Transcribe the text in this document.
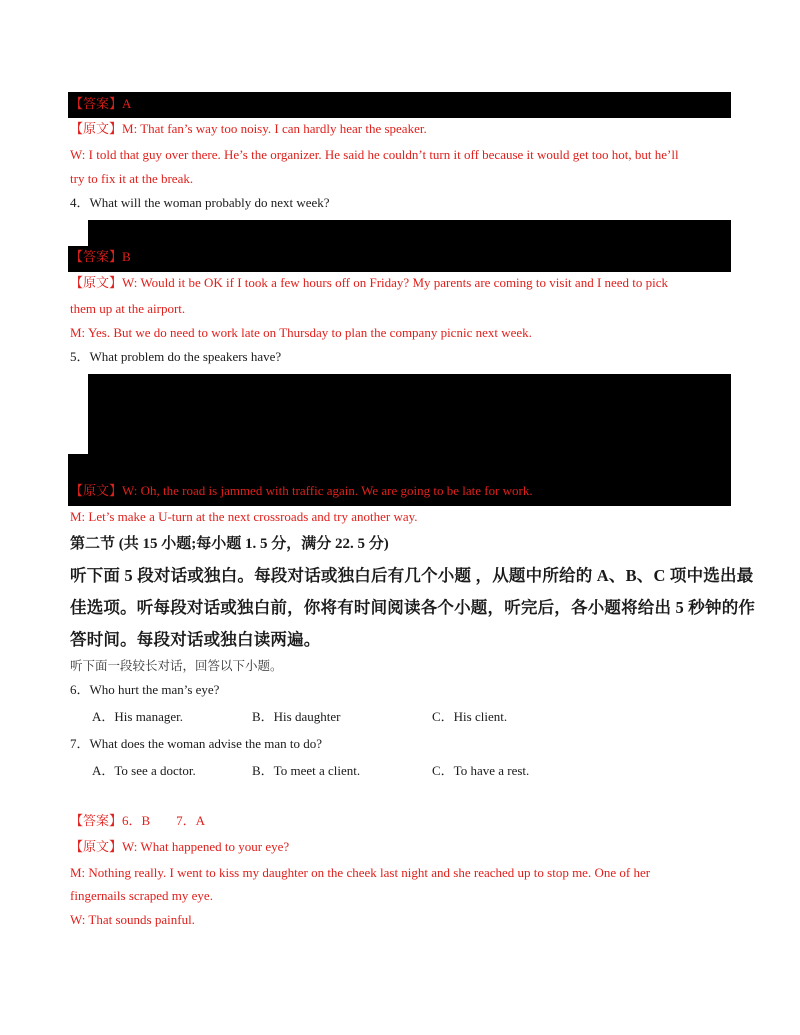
【答案】A
【原文】M: That fan’s way too noisy. I can hardly hear the speaker.
W: I told that guy over there. He’s the organizer. He said he couldn’t turn it off because it would get too hot, but he’ll
try to fix it at the break.
4．What will the woman probably do next week?
【答案】B
【原文】W: Would it be OK if I took a few hours off on Friday? My parents are coming to visit and I need to pick
them up at the airport.
M: Yes. But we do need to work late on Thursday to plan the company picnic next week.
5．What problem do the speakers have?
【原文】W: Oh, the road is jammed with traffic again. We are going to be late for work.
M: Let’s make a U-turn at the next crossroads and try another way.
第二节 (共 15 小题;每小题 1. 5 分，满分 22. 5 分)
听下面 5 段对话或独白。每段对话或独白后有几个小题 ，从题中所给的 A、B、C 项中选出最
佳选项。听每段对话或独白前，你将有时间阅读各个小题，听完后，各小题将给出 5 秒钟的作
答时间。每段对话或独白读两遍。
听下面一段较长对话，回答以下小题。
6．Who hurt the man’s eye?
A．His manager.	B．His daughter	C．His client.
7．What does the woman advise the man to do?
A．To see a doctor.	B．To meet a client.	C．To have a rest.
【答案】6．B　　7．A
【原文】W: What happened to your eye?
M: Nothing really. I went to kiss my daughter on the cheek last night and she reached up to stop me. One of her
fingernails scraped my eye.
W: That sounds painful.
